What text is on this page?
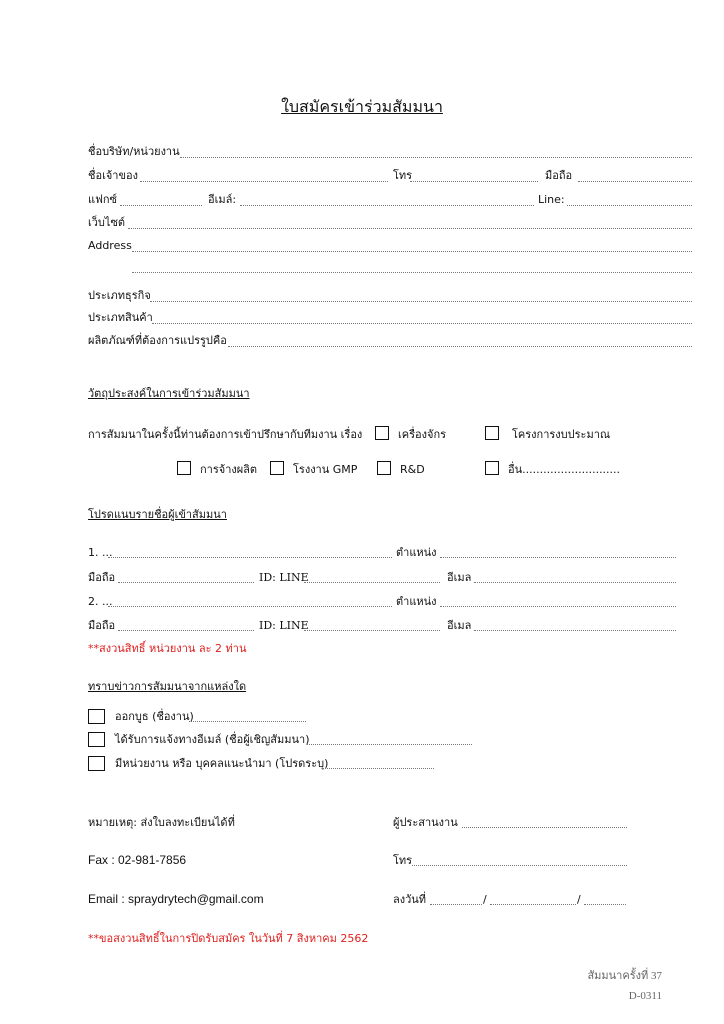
ใบสมัครเข้าร่วมสัมมนา
ชื่อบริษัท/หน่วยงาน
ชื่อเจ้าของ	โทร	มือถือ
แฟกซ์	อีเมล์:	Line:
เว็บไซต์
Address
ประเภทธุรกิจ
ประเภทสินค้า
ผลิตภัณฑ์ที่ต้องการแปรรูปคือ
วัตถุประสงค์ในการเข้าร่วมสัมมนา
การสัมมนาในครั้งนี้ท่านต้องการเข้าปรึกษากับทีมงาน เรื่อง	เครื่องจักร	โครงการงบประมาณ
การจ้างผลิต	โรงงาน GMP	R&D	อื่น............................
โปรดแนบรายชื่อผู้เข้าสัมมนา
1. ...	ตำแหน่ง
มือถือ	ID: LINE	อีเมล
2. ...	ตำแหน่ง
มือถือ	ID: LINE	อีเมล
**สงวนสิทธิ์ หน่วยงาน ละ 2 ท่าน
ทราบข่าวการสัมมนาจากแหล่งใด
ออกบูธ (ชื่องาน)
ได้รับการแจ้งทางอีเมล์ (ชื่อผู้เชิญสัมมนา)
มีหน่วยงาน หรือ บุคคลแนะนำมา (โปรดระบุ)
หมายเหตุ: ส่งใบลงทะเบียนได้ที่	ผู้ประสานงาน
Fax : 02-981-7856	โทร
Email : spraydrytech@gmail.com	ลงวันที่	/	/
**ขอสงวนสิทธิ์ในการปิดรับสมัคร ในวันที่ 7 สิงหาคม 2562
สัมมนาครั้งที่ 37
D-0311
